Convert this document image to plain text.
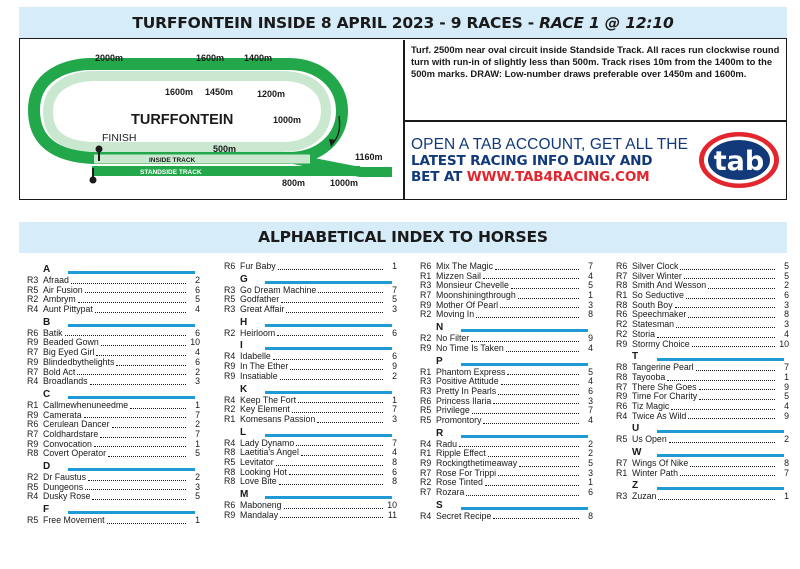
TURFFONTEIN INSIDE 8 APRIL 2023 - 9 RACES - RACE 1 @ 12:10
2000m	1600m 1400m
1600m 1450m	1200m
1000m
500m
1160m
800m	1000m
TURFFONTEIN
FINISH
INSIDE TRACK
STANDSIDE TRACK
Turf. 2500m near oval circuit inside Standside Track. All races run clockwise round turn with run-in of slightly less than 500m. Track rises 10m from the 1400m to the 500m marks. DRAW: Low-number draws preferable over 1450m and 1600m.
OPEN A TAB ACCOUNT, GET ALL THE
LATEST RACING INFO DAILY AND
BET AT WWW.TAB4RACING.COM	tab
ALPHABETICAL INDEX TO HORSES
A
R3 Afraad	2
R5 Air Fusion	6
R2 Ambrym	5
R4 Aunt Pittypat	4
B
R6 Batik	6
R9 Beaded Gown	10
R7 Big Eyed Girl	4
R9 Blindedbythelights	6
R7 Bold Act	2
R4 Broadlands	3
C
R1 Callmewhenuneedme	1
R9 Camerata	7
R6 Cerulean Dancer	2
R7 Coldhardstare	7
R9 Convocation	1
R8 Covert Operator	5
D
R2 Dr Faustus	2
R5 Dungeons	3
R4 Dusky Rose	5
F
R5 Free Movement	1
R6 Fur Baby	1
G
R3 Go Dream Machine	7
R5 Godfather	5
R3 Great Affair	3
H
R2 Heirloom	6
I
R4 Idabelle	6
R9 In The Ether	9
R9 Insatiable	2
K
R4 Keep The Fort	1
R2 Key Element	7
R1 Komesans Passion	3
L
R4 Lady Dynamo	7
R8 Laetitia's Angel	4
R5 Levitator	8
R8 Looking Hot	6
R8 Love Bite	8
M
R6 Maboneng	10
R9 Mandalay	11
R6 Mix The Magic	7
R1 Mizzen Sail	4
R3 Monsieur Chevelle	5
R7 Moonshiningthrough	1
R9 Mother Of Pearl	3
R2 Moving In	8
N
R2 No Filter	9
R9 No Time Is Taken	4
P
R1 Phantom Express	5
R3 Positive Attitude	4
R3 Pretty In Pearls	6
R6 Princess Ilaria	3
R5 Privilege	7
R5 Promontory	4
R
R4 Radu	2
R1 Ripple Effect	2
R9 Rockingthetimeaway	5
R7 Rose For Trippi	3
R2 Rose Tinted	1
R7 Rozara	6
S
R4 Secret Recipe	8
R6 Silver Clock	5
R7 Silver Winter	5
R8 Smith And Wesson	2
R1 So Seductive	6
R8 South Boy	3
R6 Speechmaker	8
R2 Statesman	3
R2 Storia	4
R9 Stormy Choice	10
T
R8 Tangerine Pearl	7
R8 Tayooba	1
R7 There She Goes	9
R9 Time For Charity	5
R6 Tiz Magic	4
R4 Twice As Wild	9
U
R5 Us Open	2
W
R7 Wings Of Nike	8
R1 Winter Path	7
Z
R3 Zuzan	1
